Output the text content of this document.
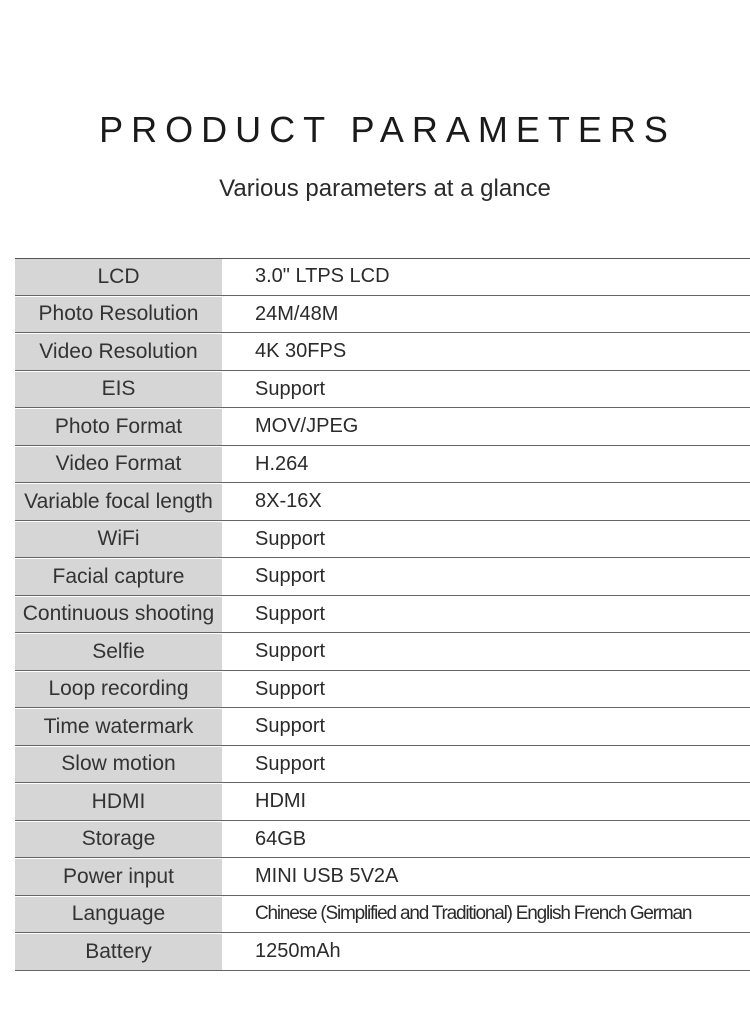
PRODUCT PARAMETERS

Various parameters at a glance

LCD	3.0" LTPS LCD
Photo Resolution	24M/48M
Video Resolution	4K 30FPS
EIS	Support
Photo Format	MOV/JPEG
Video Format	H.264
Variable focal length	8X-16X
WiFi	Support
Facial capture	Support
Continuous shooting	Support
Selfie	Support
Loop recording	Support
Time watermark	Support
Slow motion	Support
HDMI	HDMI
Storage	64GB
Power input	MINI USB 5V2A
Language	Chinese (Simplified and Traditional) English French German
Battery	1250mAh
